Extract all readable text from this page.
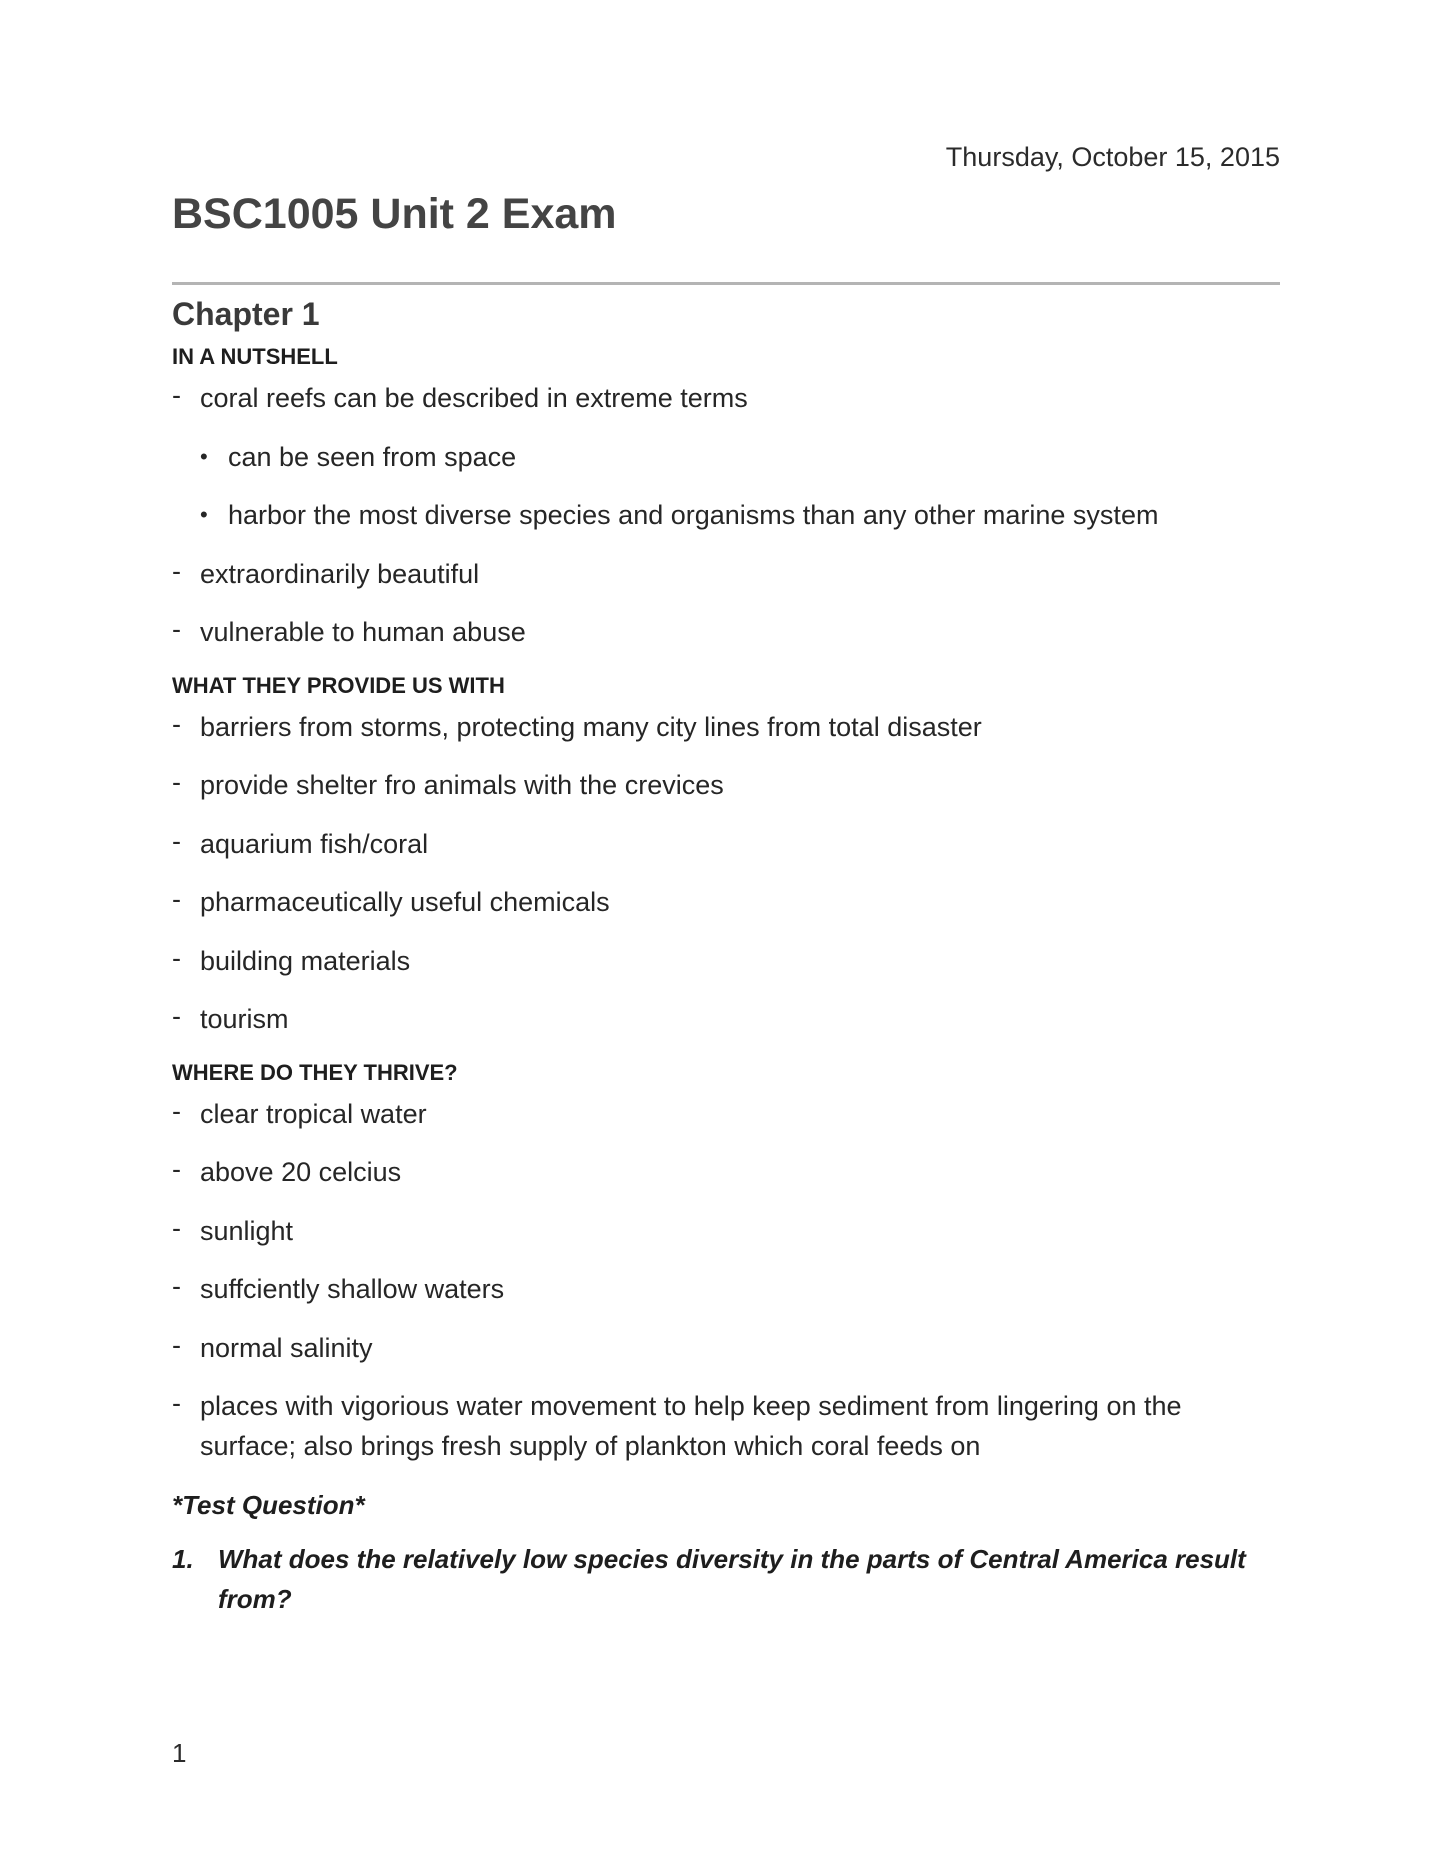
Thursday, October 15, 2015
BSC1005 Unit 2 Exam
Chapter 1
IN A NUTSHELL
- coral reefs can be described in extreme terms
• can be seen from space
• harbor the most diverse species and organisms than any other marine system
- extraordinarily beautiful
- vulnerable to human abuse
WHAT THEY PROVIDE US WITH
- barriers from storms, protecting many city lines from total disaster
- provide shelter fro animals with the crevices
- aquarium fish/coral
- pharmaceutically useful chemicals
- building materials
- tourism
WHERE DO THEY THRIVE?
- clear tropical water
- above 20 celcius
- sunlight
- suffciently shallow waters
- normal salinity
- places with vigorious water movement to help keep sediment from lingering on the surface; also brings fresh supply of plankton which coral feeds on
*Test Question*
1. What does the relatively low species diversity in the parts of Central America result from?
1
